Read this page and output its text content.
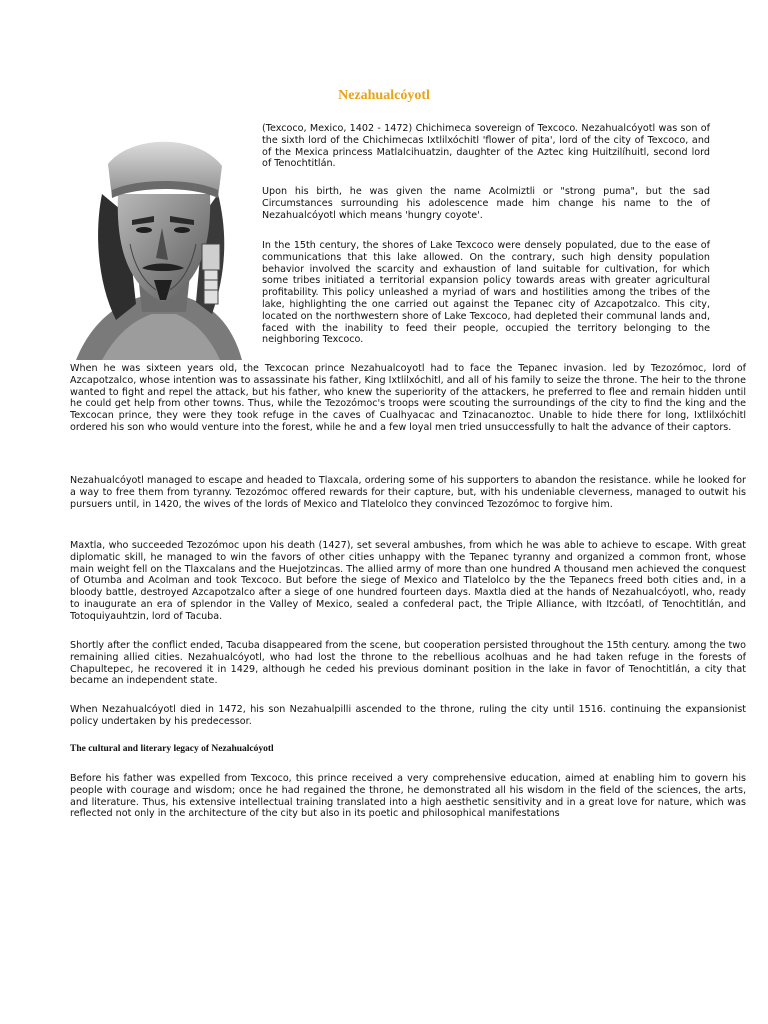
Nezahualcóyotl

(Texcoco, Mexico, 1402 - 1472) Chichimeca sovereign of Texcoco. Nezahualcóyotl was son of the sixth lord of the Chichimecas Ixtlilxóchitl 'flower of pita', lord of the city of Texcoco, and of the Mexica princess Matlalcihuatzin, daughter of the Aztec king Huitzilíhuitl, second lord of Tenochtitlán.

Upon his birth, he was given the name Acolmiztli or "strong puma", but the sad Circumstances surrounding his adolescence made him change his name to the of Nezahualcóyotl which means 'hungry coyote'.

In the 15th century, the shores of Lake Texcoco were densely populated, due to the ease of communications that this lake allowed. On the contrary, such high density population behavior involved the scarcity and exhaustion of land suitable for cultivation, for which some tribes initiated a territorial expansion policy towards areas with greater agricultural profitability. This policy unleashed a myriad of wars and hostilities among the tribes of the lake, highlighting the one carried out against the Tepanec city of Azcapotzalco. This city, located on the northwestern shore of Lake Texcoco, had depleted their communal lands and, faced with the inability to feed their people, occupied the territory belonging to the neighboring Texcoco.

When he was sixteen years old, the Texcocan prince Nezahualcoyotl had to face the Tepanec invasion. led by Tezozómoc, lord of Azcapotzalco, whose intention was to assassinate his father, King Ixtlilxóchitl, and all of his family to seize the throne. The heir to the throne wanted to fight and repel the attack, but his father, who knew the superiority of the attackers, he preferred to flee and remain hidden until he could get help from other towns. Thus, while the Tezozómoc's troops were scouting the surroundings of the city to find the king and the Texcocan prince, they were they took refuge in the caves of Cualhyacac and Tzinacanoztoc. Unable to hide there for long, Ixtlilxóchitl ordered his son who would venture into the forest, while he and a few loyal men tried unsuccessfully to halt the advance of their captors.

Nezahualcóyotl managed to escape and headed to Tlaxcala, ordering some of his supporters to abandon the resistance. while he looked for a way to free them from tyranny. Tezozómoc offered rewards for their capture, but, with his undeniable cleverness, managed to outwit his pursuers until, in 1420, the wives of the lords of Mexico and Tlatelolco they convinced Tezozómoc to forgive him.

Maxtla, who succeeded Tezozómoc upon his death (1427), set several ambushes, from which he was able to achieve to escape. With great diplomatic skill, he managed to win the favors of other cities unhappy with the Tepanec tyranny and organized a common front, whose main weight fell on the Tlaxcalans and the Huejotzincas. The allied army of more than one hundred A thousand men achieved the conquest of Otumba and Acolman and took Texcoco. But before the siege of Mexico and Tlatelolco by the the Tepanecs freed both cities and, in a bloody battle, destroyed Azcapotzalco after a siege of one hundred fourteen days. Maxtla died at the hands of Nezahualcóyotl, who, ready to inaugurate an era of splendor in the Valley of Mexico, sealed a confederal pact, the Triple Alliance, with Itzcóatl, of Tenochtitlán, and Totoquiyauhtzin, lord of Tacuba.

Shortly after the conflict ended, Tacuba disappeared from the scene, but cooperation persisted throughout the 15th century. among the two remaining allied cities. Nezahualcóyotl, who had lost the throne to the rebellious acolhuas and he had taken refuge in the forests of Chapultepec, he recovered it in 1429, although he ceded his previous dominant position in the lake in favor of Tenochtitlán, a city that became an independent state.

When Nezahualcóyotl died in 1472, his son Nezahualpilli ascended to the throne, ruling the city until 1516. continuing the expansionist policy undertaken by his predecessor.

The cultural and literary legacy of Nezahualcóyotl

Before his father was expelled from Texcoco, this prince received a very comprehensive education, aimed at enabling him to govern his people with courage and wisdom; once he had regained the throne, he demonstrated all his wisdom in the field of the sciences, the arts, and literature. Thus, his extensive intellectual training translated into a high aesthetic sensitivity and in a great love for nature, which was reflected not only in the architecture of the city but also in its poetic and philosophical manifestations
